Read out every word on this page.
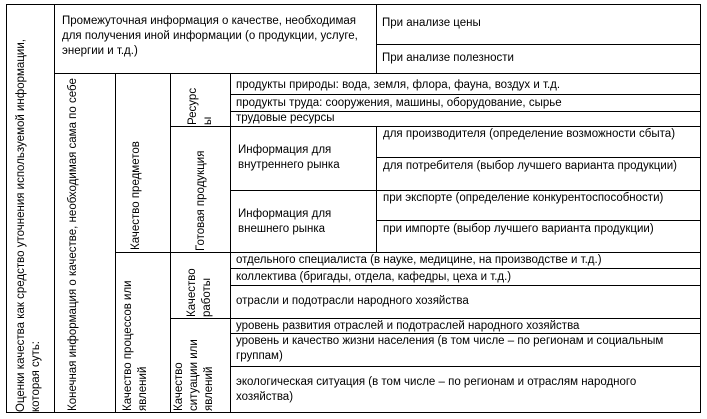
Оценки качества как средство уточнения используемой информации, которая суть: Конечная информация о качестве, необходимая сама по себе	Качество предметов
Ресурсы
Готовая продукция
Качество процессов или явлений
Качество работы
Качество ситуации или явлений
Промежуточная информация о качестве, необходимая для получения иной информации (о продукции, услуге, энергии и т.д.)
При анализе цены
При анализе полезности
продукты природы: вода, земля, флора, фауна, воздух и т.д.
продукты труда: сооружения, машины, оборудование, сырье
трудовые ресурсы
Информация для внутреннего рынка
для производителя (определение возможности сбыта)
для потребителя (выбор лучшего варианта продукции)
Информация для внешнего рынка
при экспорте (определение конкурентоспособности)
при импорте (выбор лучшего варианта продукции)
отдельного специалиста (в науке, медицине, на производстве и т.д.)
коллектива (бригады, отдела, кафедры, цеха и т.д.)
отрасли и подотрасли народного хозяйства
уровень развития отраслей и подотраслей народного хозяйства
уровень и качество жизни населения (в том числе – по регионам и социальным группам)
экологическая ситуация (в том числе – по регионам и отраслям народного хозяйства)
